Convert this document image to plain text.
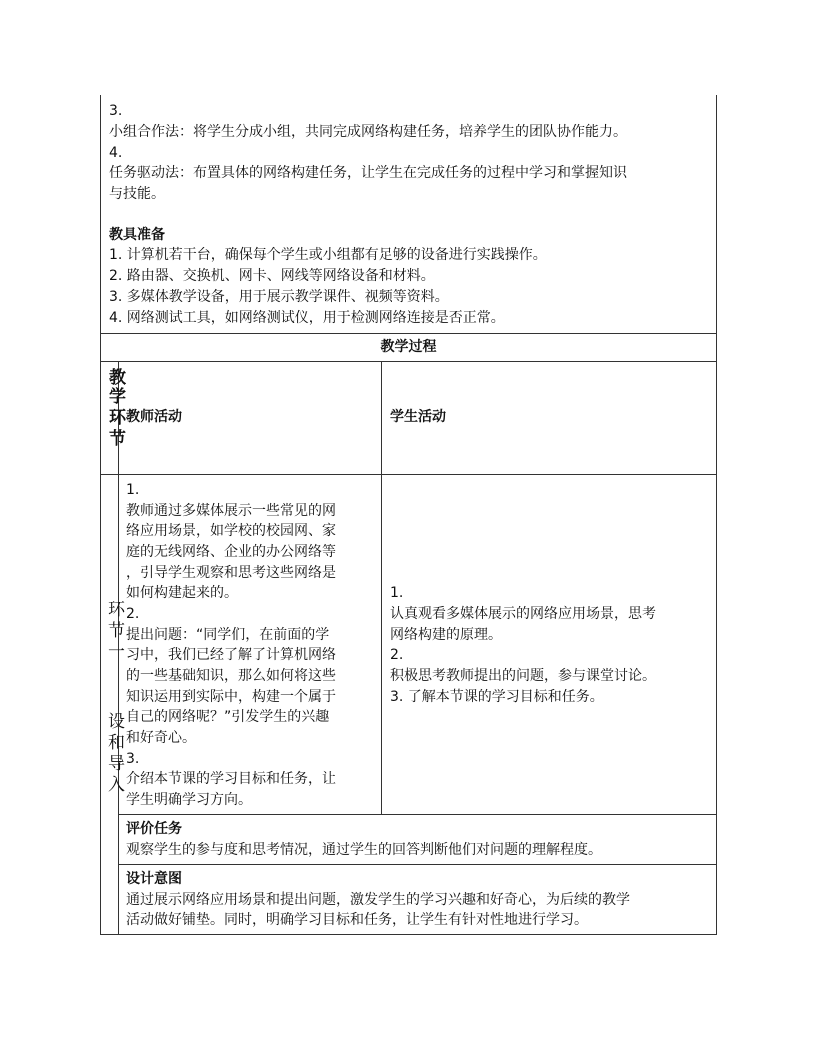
3.
小组合作法：将学生分成小组，共同完成网络构建任务，培养学生的团队协作能力。
4.
任务驱动法：布置具体的网络构建任务，让学生在完成任务的过程中学习和掌握知识
与技能。
教具准备
1. 计算机若干台，确保每个学生或小组都有足够的设备进行实践操作。
2. 路由器、交换机、网卡、网线等网络设备和材料。
3. 多媒体教学设备，用于展示教学课件、视频等资料。
4. 网络测试工具，如网络测试仪，用于检测网络连接是否正常。
教学过程
教
学
环
节
教师活动	学生活动
环
节
一
设
和
导
入
1.
教师通过多媒体展示一些常见的网
络应用场景，如学校的校园网、家
庭的无线网络、企业的办公网络等
，引导学生观察和思考这些网络是
如何构建起来的。
2.
提出问题：“同学们，在前面的学
习中，我们已经了解了计算机网络
的一些基础知识，那么如何将这些
知识运用到实际中，构建一个属于
自己的网络呢？”引发学生的兴趣
和好奇心。
3.
介绍本节课的学习目标和任务，让
学生明确学习方向。
1.
认真观看多媒体展示的网络应用场景，思考
网络构建的原理。
2.
积极思考教师提出的问题，参与课堂讨论。
3. 了解本节课的学习目标和任务。
评价任务
观察学生的参与度和思考情况，通过学生的回答判断他们对问题的理解程度。
设计意图
通过展示网络应用场景和提出问题，激发学生的学习兴趣和好奇心，为后续的教学
活动做好铺垫。同时，明确学习目标和任务，让学生有针对性地进行学习。
